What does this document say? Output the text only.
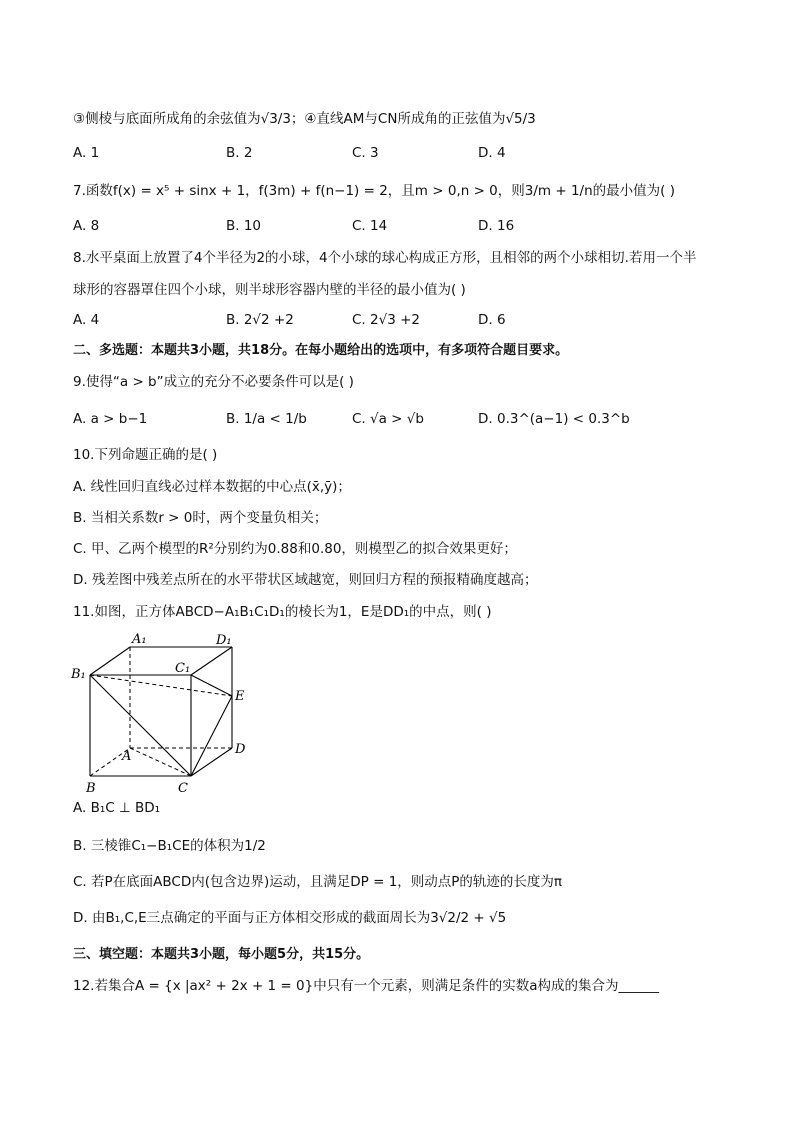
③侧棱与底面所成角的余弦值为√3/3；④直线AM与CN所成角的正弦值为√5/3
A. 1	B. 2	C. 3	D. 4
7.函数f(x) = x⁵ + sinx + 1，f(3m) + f(n−1) = 2，且m > 0,n > 0，则3/m + 1/n的最小值为( )
A. 8	B. 10	C. 14	D. 16
8.水平桌面上放置了4个半径为2的小球，4个小球的球心构成正方形，且相邻的两个小球相切.若用一个半
球形的容器罩住四个小球，则半球形容器内壁的半径的最小值为( )
A. 4	B. 2√2 +2	C. 2√3 +2	D. 6
二、多选题：本题共3小题，共18分。在每小题给出的选项中，有多项符合题目要求。
9.使得“a > b”成立的充分不必要条件可以是( )
A. a > b−1	B. 1/a < 1/b	C. √a > √b	D. 0.3^(a−1) < 0.3^b
10.下列命题正确的是( )
A. 线性回归直线必过样本数据的中心点(x̄,ȳ)；
B. 当相关系数r > 0时，两个变量负相关；
C. 甲、乙两个模型的R²分别约为0.88和0.80，则模型乙的拟合效果更好；
D. 残差图中残差点所在的水平带状区域越宽，则回归方程的预报精确度越高；
11.如图，正方体ABCD−A₁B₁C₁D₁的棱长为1，E是DD₁的中点，则( )
A₁	D₁
C₁
B₁
E
A	D
B	C
A. B₁C ⊥ BD₁
B. 三棱锥C₁−B₁CE的体积为1/2
C. 若P在底面ABCD内(包含边界)运动，且满足DP = 1，则动点P的轨迹的长度为π
D. 由B₁,C,E三点确定的平面与正方体相交形成的截面周长为3√2/2 + √5
三、填空题：本题共3小题，每小题5分，共15分。
12.若集合A = {x |ax² + 2x + 1 = 0}中只有一个元素，则满足条件的实数a构成的集合为______
